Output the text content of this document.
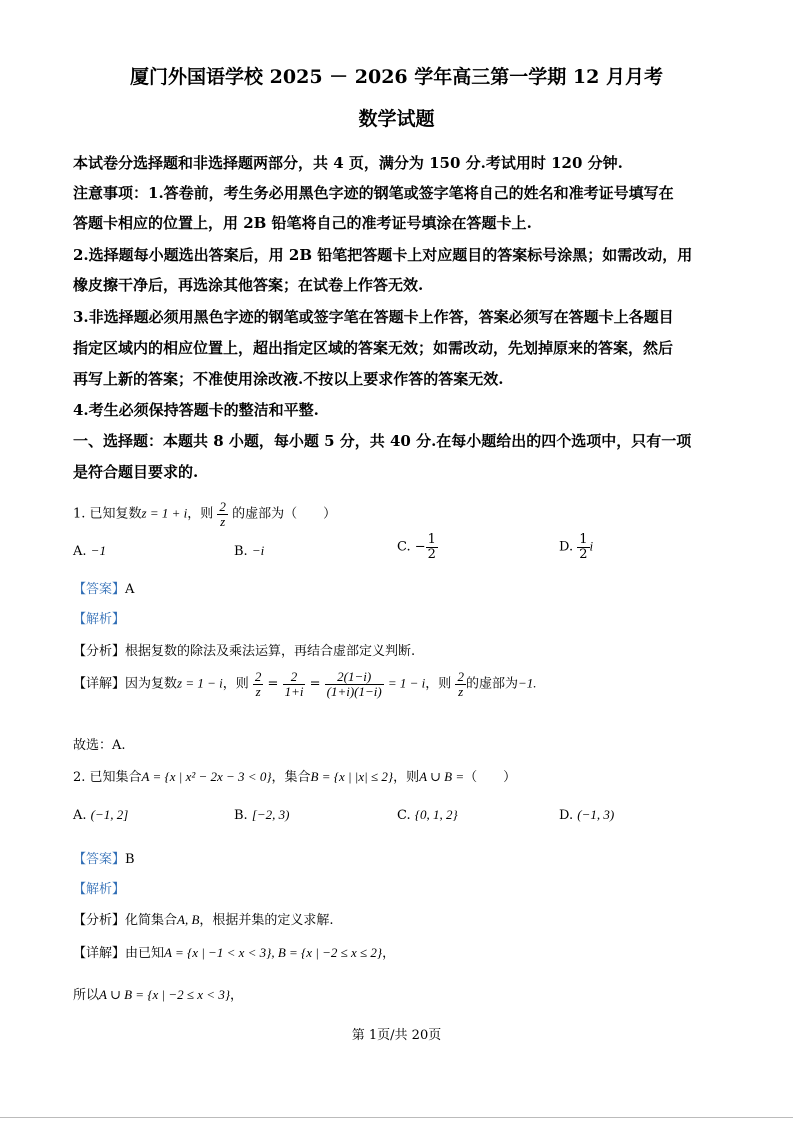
厦门外国语学校 2025 － 2026 学年高三第一学期 12 月月考
数学试题
本试卷分选择题和非选择题两部分，共 4 页，满分为 150 分.考试用时 120 分钟.
注意事项：1.答卷前，考生务必用黑色字迹的钢笔或签字笔将自己的姓名和准考证号填写在
答题卡相应的位置上，用 2B 铅笔将自己的准考证号填涂在答题卡上.
2.选择题每小题选出答案后，用 2B 铅笔把答题卡上对应题目的答案标号涂黑；如需改动，用
橡皮擦干净后，再选涂其他答案；在试卷上作答无效.
3.非选择题必须用黑色字迹的钢笔或签字笔在答题卡上作答，答案必须写在答题卡上各题目
指定区域内的相应位置上，超出指定区域的答案无效；如需改动，先划掉原来的答案，然后
再写上新的答案；不准使用涂改液.不按以上要求作答的答案无效.
4.考生必须保持答题卡的整洁和平整.
一、选择题：本题共 8 小题，每小题 5 分，共 40 分.在每小题给出的四个选项中，只有一项
是符合题目要求的.
1. 已知复数z = 1 + i，则 $\frac{2}{z}$ 的虚部为（　　）
A. −1	B. −i	C. − $\frac{1}{2}$	D. $\frac{1}{2}$ i
【答案】A
【解析】
【分析】根据复数的除法及乘法运算，再结合虚部定义判断.
【详解】因为复数z = 1 − i，则 $\frac{2}{z} = \frac{2}{1+i} = \frac{2(1-i)}{(1+i)(1-i)} = 1 - i$，则 $\frac{2}{z}$ 的虚部为−1.
故选：A.
2. 已知集合A = {x | x² − 2x − 3 < 0}，集合B = {x | |x| ≤ 2}，则A ∪ B =（　　）
A. (−1, 2]	B. [−2, 3)	C. {0, 1, 2}	D. (−1, 3)
【答案】B
【解析】
【分析】化简集合A, B，根据并集的定义求解.
【详解】由已知A = {x | −1 < x < 3}, B = {x | −2 ≤ x ≤ 2}，
所以A ∪ B = {x | −2 ≤ x < 3}，
第 1页/共 20页
